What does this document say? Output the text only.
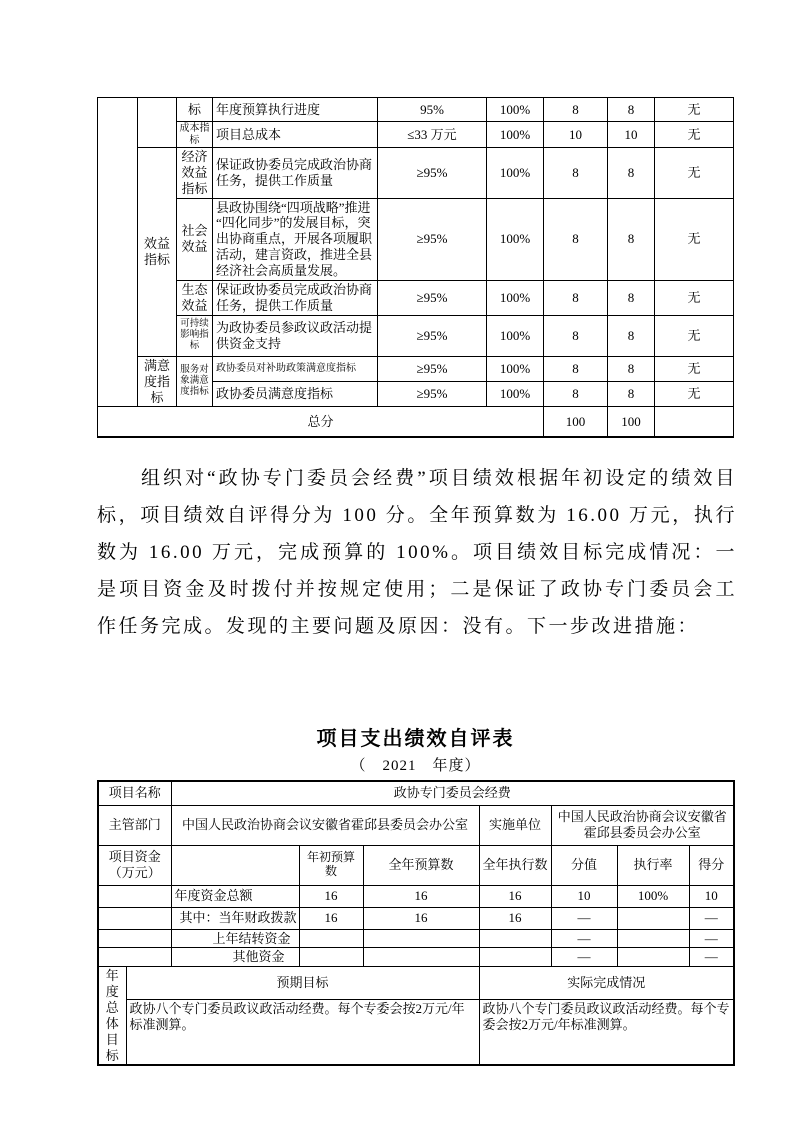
		标	年度预算执行进度	95%	100%	8	8	无
		成本指标	项目总成本	≤33 万元	100%	10	10	无
	效益指标	经济效益指标	保证政协委员完成政治协商任务，提供工作质量	≥95%	100%	8	8	无
		社会效益	县政协围绕“四项战略”推进“四化同步”的发展目标，突出协商重点，开展各项履职活动，建言资政，推进全县经济社会高质量发展。	≥95%	100%	8	8	无
		生态效益	保证政协委员完成政治协商任务，提供工作质量	≥95%	100%	8	8	无
		可持续影响指标	为政协委员参政议政活动提供资金支持	≥95%	100%	8	8	无
	满意度指标	服务对象满意度指标	政协委员对补助政策满意度指标	≥95%	100%	8	8	无
			政协委员满意度指标	≥95%	100%	8	8	无
总分						100	100	
组织对“政协专门委员会经费”项目绩效根据年初设定的绩效目标，项目绩效自评得分为 100 分。全年预算数为 16.00 万元，执行数为 16.00 万元，完成预算的 100%。项目绩效目标完成情况：一是项目资金及时拨付并按规定使用；二是保证了政协专门委员会工作任务完成。发现的主要问题及原因：没有。下一步改进措施：
项目支出绩效自评表
（　2021　年度）
项目名称		政协专门委员会经费						
主管部门		中国人民政治协商会议安徽省霍邱县委员会办公室			实施单位	中国人民政治协商会议安徽省霍邱县委员会办公室		
项目资金（万元）			年初预算数	全年预算数	全年执行数	分值	执行率	得分
		年度资金总额	16	16	16	10	100%	10
		其中：当年财政拨款	16	16	16	—		—
		上年结转资金				—		—
		其他资金				—		—
年度总体目标	预期目标				实际完成情况			
	政协八个专门委员政议政活动经费。每个专委会按2万元/年标准测算。				政协八个专门委员政议政活动经费。每个专委会按2万元/年标准测算。			
